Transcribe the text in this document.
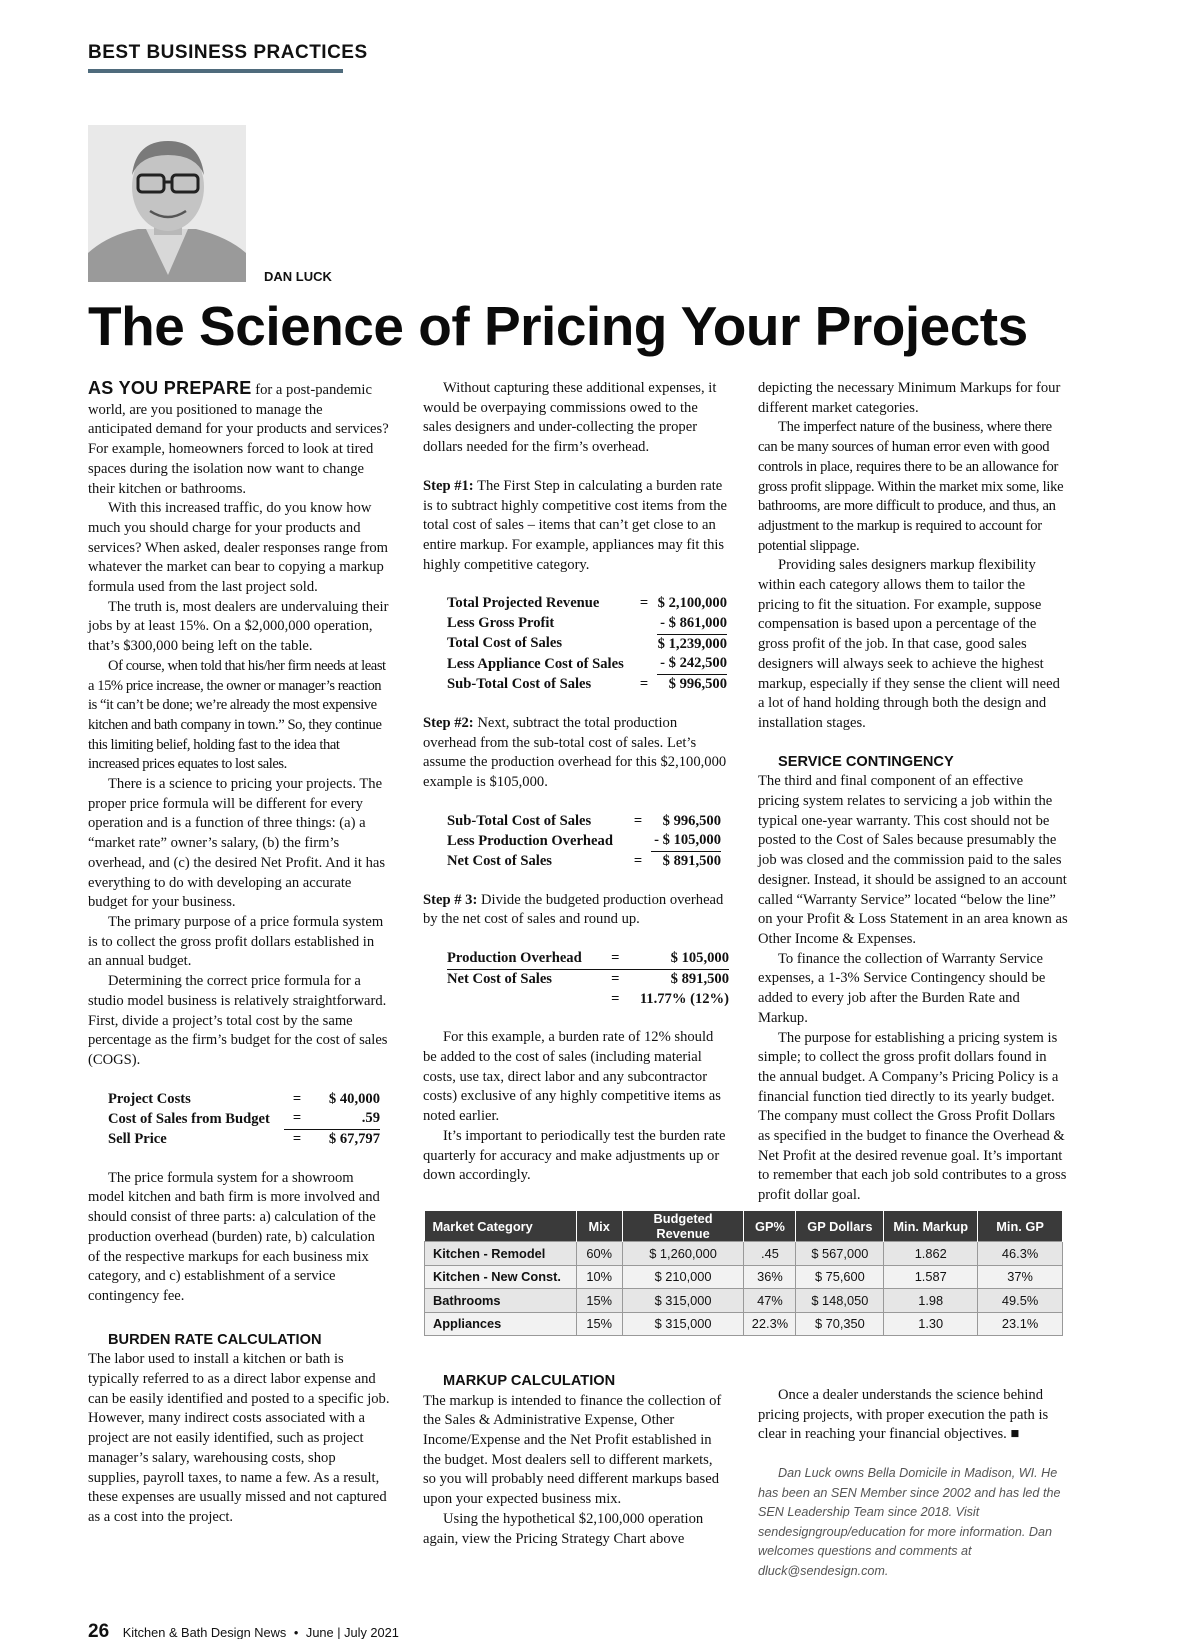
BEST BUSINESS PRACTICES
DAN LUCK
The Science of Pricing Your Projects

AS YOU PREPARE for a post-pandemic world, are you positioned to manage the anticipated demand for your products and services? For example, homeowners forced to look at tired spaces during the isolation now want to change their kitchen or bathrooms.

With this increased traffic, do you know how much you should charge for your products and services? When asked, dealer responses range from whatever the market can bear to copying a markup formula used from the last project sold.

The truth is, most dealers are undervaluing their jobs by at least 15%. On a $2,000,000 operation, that’s $300,000 being left on the table.

Of course, when told that his/her firm needs at least a 15% price increase, the owner or manager’s reaction is “it can’t be done; we’re already the most expensive kitchen and bath company in town.” So, they continue this limiting belief, holding fast to the idea that increased prices equates to lost sales.

There is a science to pricing your projects. The proper price formula will be different for every operation and is a function of three things: (a) a “market rate” owner’s salary, (b) the firm’s overhead, and (c) the desired Net Profit. And it has everything to do with developing an accurate budget for your business.

The primary purpose of a price formula system is to collect the gross profit dollars established in an annual budget.

Determining the correct price formula for a studio model business is relatively straightforward. First, divide a project’s total cost by the same percentage as the firm’s budget for the cost of sales (COGS).

Project Costs	=	$ 40,000
Cost of Sales from Budget	=	.59
Sell Price	=	$ 67,797

The price formula system for a showroom model kitchen and bath firm is more involved and should consist of three parts: a) calculation of the production overhead (burden) rate, b) calculation of the respective markups for each business mix category, and c) establishment of a service contingency fee.

BURDEN RATE CALCULATION

The labor used to install a kitchen or bath is typically referred to as a direct labor expense and can be easily identified and posted to a specific job. However, many indirect costs associated with a project are not easily identified, such as project manager’s salary, warehousing costs, shop supplies, payroll taxes, to name a few. As a result, these expenses are usually missed and not captured as a cost into the project.

Without capturing these additional expenses, it would be overpaying commissions owed to the sales designers and under-collecting the proper dollars needed for the firm’s overhead.

Step #1: The First Step in calculating a burden rate is to subtract highly competitive cost items from the total cost of sales – items that can’t get close to an entire markup. For example, appliances may fit this highly competitive category.

Total Projected Revenue	=	$ 2,100,000
Less Gross Profit		- $ 861,000
Total Cost of Sales		$ 1,239,000
Less Appliance Cost of Sales		- $ 242,500
Sub-Total Cost of Sales	=	$ 996,500

Step #2: Next, subtract the total production overhead from the sub-total cost of sales. Let’s assume the production overhead for this $2,100,000 example is $105,000.

Sub-Total Cost of Sales	=	$ 996,500
Less Production Overhead		- $ 105,000
Net Cost of Sales	=	$ 891,500

Step # 3: Divide the budgeted production overhead by the net cost of sales and round up.

Production Overhead	=	$ 105,000
Net Cost of Sales	=	$ 891,500
	=	11.77% (12%)

For this example, a burden rate of 12% should be added to the cost of sales (including material costs, use tax, direct labor and any subcontractor costs) exclusive of any highly competitive items as noted earlier.

It’s important to periodically test the burden rate quarterly for accuracy and make adjustments up or down accordingly.

MARKUP CALCULATION

The markup is intended to finance the collection of the Sales & Administrative Expense, Other Income/Expense and the Net Profit established in the budget. Most dealers sell to different markets, so you will probably need different markups based upon your expected business mix.

Using the hypothetical $2,100,000 operation again, view the Pricing Strategy Chart above

depicting the necessary Minimum Markups for four different market categories.

The imperfect nature of the business, where there can be many sources of human error even with good controls in place, requires there to be an allowance for gross profit slippage. Within the market mix some, like bathrooms, are more difficult to produce, and thus, an adjustment to the markup is required to account for potential slippage.

Providing sales designers markup flexibility within each category allows them to tailor the pricing to fit the situation. For example, suppose compensation is based upon a percentage of the gross profit of the job. In that case, good sales designers will always seek to achieve the highest markup, especially if they sense the client will need a lot of hand holding through both the design and installation stages.

SERVICE CONTINGENCY

The third and final component of an effective pricing system relates to servicing a job within the typical one-year warranty. This cost should not be posted to the Cost of Sales because presumably the job was closed and the commission paid to the sales designer. Instead, it should be assigned to an account called “Warranty Service” located “below the line” on your Profit & Loss Statement in an area known as Other Income & Expenses.

To finance the collection of Warranty Service expenses, a 1-3% Service Contingency should be added to every job after the Burden Rate and Markup.

The purpose for establishing a pricing system is simple; to collect the gross profit dollars found in the annual budget. A Company’s Pricing Policy is a financial function tied directly to its yearly budget. The company must collect the Gross Profit Dollars as specified in the budget to finance the Overhead & Net Profit at the desired revenue goal. It’s important to remember that each job sold contributes to a gross profit dollar goal.

Once a dealer understands the science behind pricing projects, with proper execution the path is clear in reaching your financial objectives. ■

Dan Luck owns Bella Domicile in Madison, WI. He has been an SEN Member since 2002 and has led the SEN Leadership Team since 2018. Visit sendesigngroup/education for more information. Dan welcomes questions and comments at dluck@sendesign.com.

Market Category	Mix	Budgeted Revenue	GP%	GP Dollars	Min. Markup	Min. GP
Kitchen - Remodel	60%	$ 1,260,000	.45	$ 567,000	1.862	46.3%
Kitchen - New Const.	10%	$ 210,000	36%	$ 75,600	1.587	37%
Bathrooms	15%	$ 315,000	47%	$ 148,050	1.98	49.5%
Appliances	15%	$ 315,000	22.3%	$ 70,350	1.30	23.1%
26 Kitchen & Bath Design News • June | July 2021
